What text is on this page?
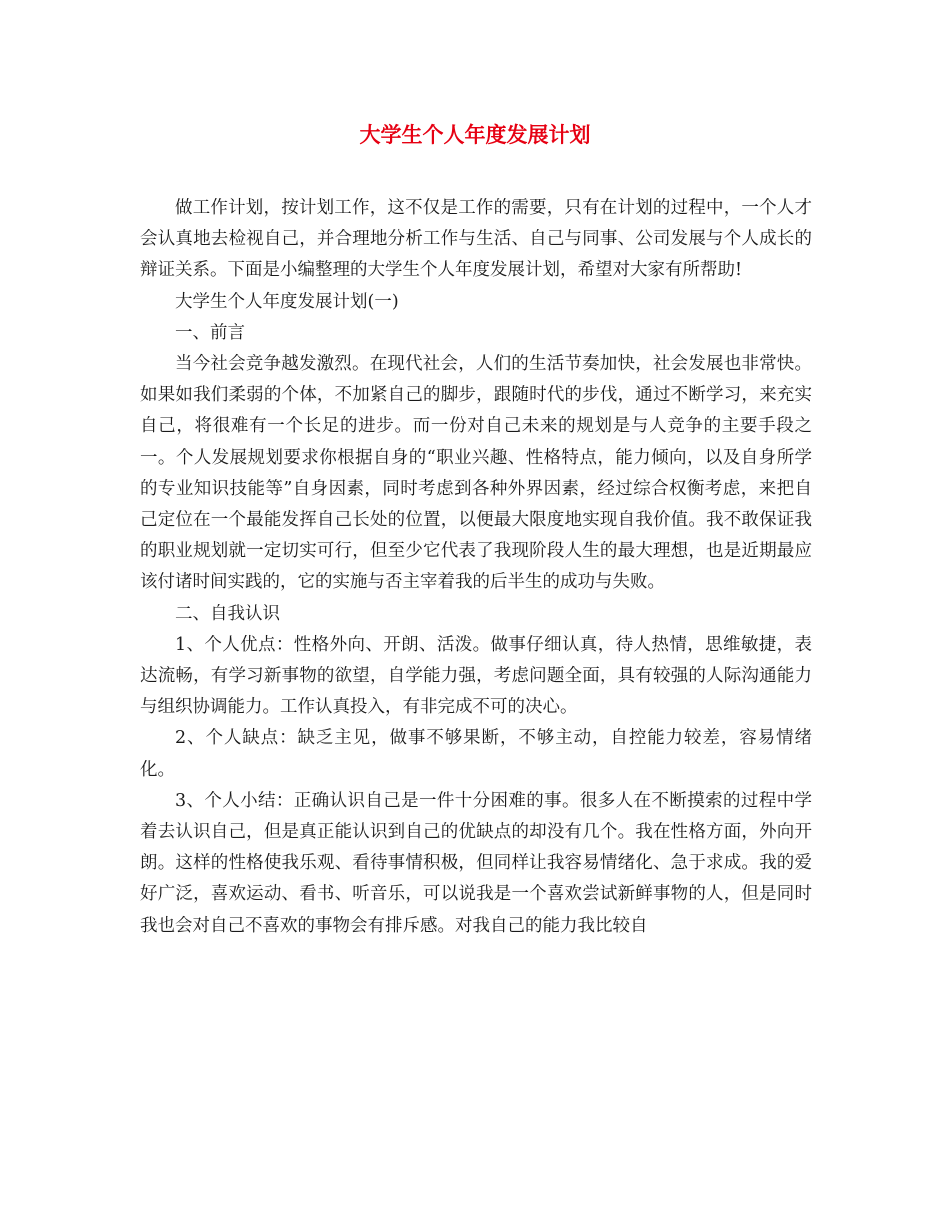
大学生个人年度发展计划

做工作计划，按计划工作，这不仅是工作的需要，只有在计划的过程中，一个人才会认真地去检视自己，并合理地分析工作与生活、自己与同事、公司发展与个人成长的辩证关系。下面是小编整理的大学生个人年度发展计划，希望对大家有所帮助!

大学生个人年度发展计划(一)

一、前言

当今社会竞争越发激烈。在现代社会，人们的生活节奏加快，社会发展也非常快。如果如我们柔弱的个体，不加紧自己的脚步，跟随时代的步伐，通过不断学习，来充实自己，将很难有一个长足的进步。而一份对自己未来的规划是与人竞争的主要手段之一。个人发展规划要求你根据自身的“职业兴趣、性格特点，能力倾向，以及自身所学的专业知识技能等”自身因素，同时考虑到各种外界因素，经过综合权衡考虑，来把自己定位在一个最能发挥自己长处的位置，以便最大限度地实现自我价值。我不敢保证我的职业规划就一定切实可行，但至少它代表了我现阶段人生的最大理想，也是近期最应该付诸时间实践的，它的实施与否主宰着我的后半生的成功与失败。

二、自我认识

1、个人优点：性格外向、开朗、活泼。做事仔细认真，待人热情，思维敏捷，表达流畅，有学习新事物的欲望，自学能力强，考虑问题全面，具有较强的人际沟通能力与组织协调能力。工作认真投入，有非完成不可的决心。

2、个人缺点：缺乏主见，做事不够果断，不够主动，自控能力较差，容易情绪化。

3、个人小结：正确认识自己是一件十分困难的事。很多人在不断摸索的过程中学着去认识自己，但是真正能认识到自己的优缺点的却没有几个。我在性格方面，外向开朗。这样的性格使我乐观、看待事情积极，但同样让我容易情绪化、急于求成。我的爱好广泛，喜欢运动、看书、听音乐，可以说我是一个喜欢尝试新鲜事物的人，但是同时我也会对自己不喜欢的事物会有排斥感。对我自己的能力我比较自
